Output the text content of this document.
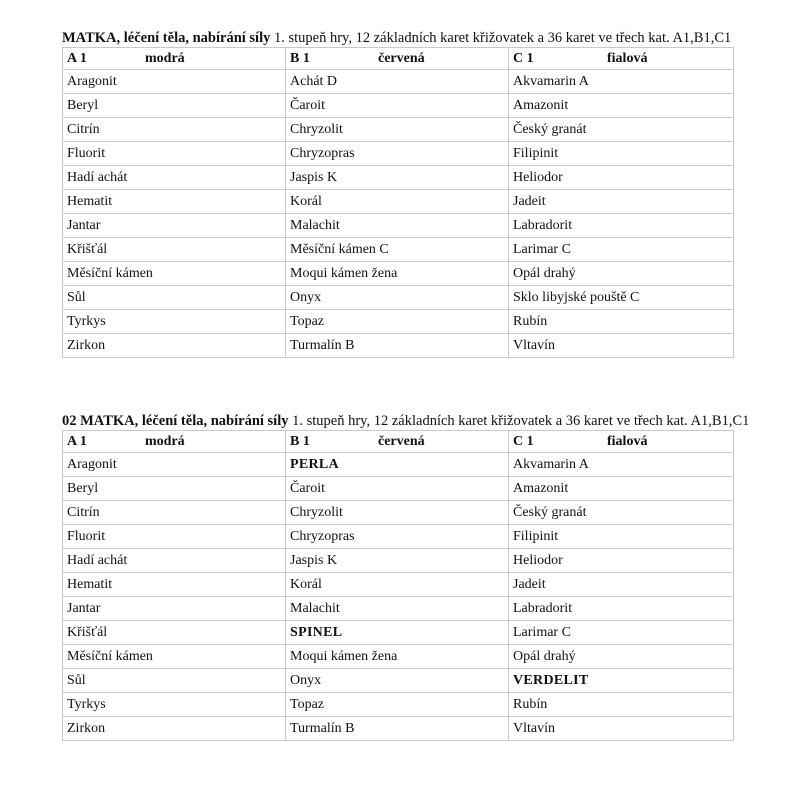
MATKA, léčení těla, nabírání síly 1. stupeň hry, 12 základních karet křižovatek a 36 karet ve třech kat. A1,B1,C1
A 1 modrá	B 1 červená	C 1 fialová
Aragonit	Achát D	Akvamarin A
Beryl	Čaroit	Amazonit
Citrín	Chryzolit	Český granát
Fluorit	Chryzopras	Filipinit
Hadí achát	Jaspis K	Heliodor
Hematit	Korál	Jadeit
Jantar	Malachit	Labradorit
Křišťál	Měsíční kámen C	Larimar C
Měsíční kámen	Moqui kámen žena	Opál drahý
Sůl	Onyx	Sklo libyjské pouště C
Tyrkys	Topaz	Rubín
Zirkon	Turmalín B	Vltavín
02 MATKA, léčení těla, nabírání síly 1. stupeň hry, 12 základních karet křižovatek a 36 karet ve třech kat. A1,B1,C1
A 1 modrá	B 1 červená	C 1 fialová
Aragonit	PERLA	Akvamarin A
Beryl	Čaroit	Amazonit
Citrín	Chryzolit	Český granát
Fluorit	Chryzopras	Filipinit
Hadí achát	Jaspis K	Heliodor
Hematit	Korál	Jadeit
Jantar	Malachit	Labradorit
Křišťál	SPINEL	Larimar C
Měsíční kámen	Moqui kámen žena	Opál drahý
Sůl	Onyx	VERDELIT
Tyrkys	Topaz	Rubín
Zirkon	Turmalín B	Vltavín
